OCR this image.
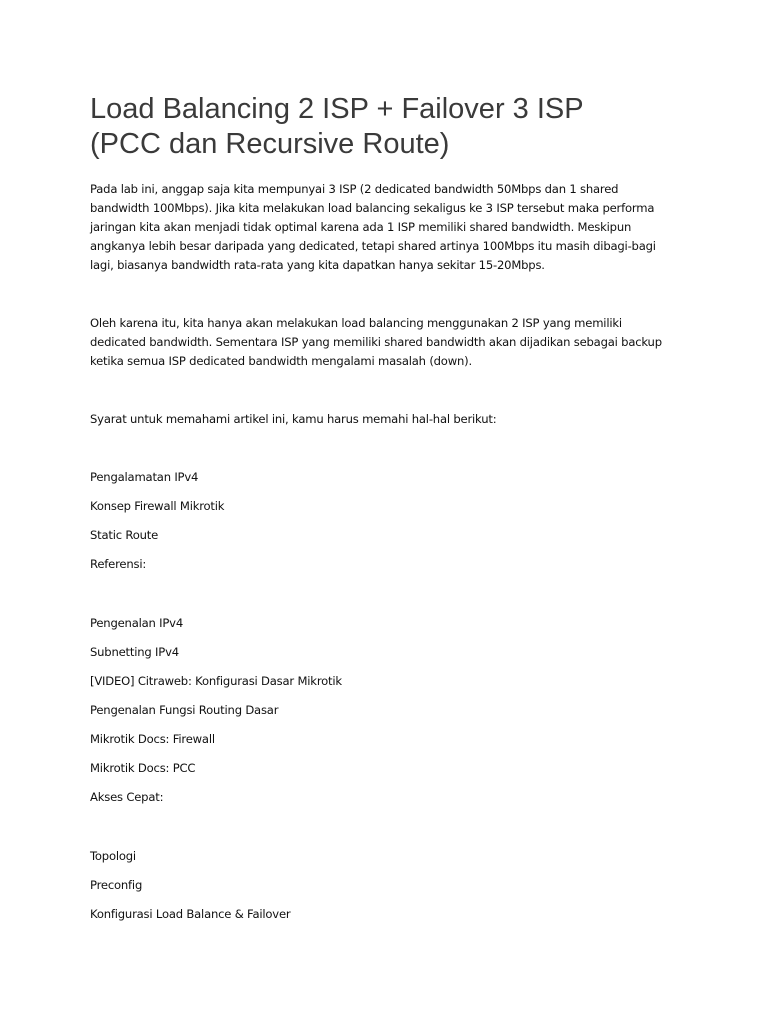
Load Balancing 2 ISP + Failover 3 ISP
(PCC dan Recursive Route)

Pada lab ini, anggap saja kita mempunyai 3 ISP (2 dedicated bandwidth 50Mbps dan 1 shared bandwidth 100Mbps). Jika kita melakukan load balancing sekaligus ke 3 ISP tersebut maka performa jaringan kita akan menjadi tidak optimal karena ada 1 ISP memiliki shared bandwidth. Meskipun angkanya lebih besar daripada yang dedicated, tetapi shared artinya 100Mbps itu masih dibagi-bagi lagi, biasanya bandwidth rata-rata yang kita dapatkan hanya sekitar 15-20Mbps.

Oleh karena itu, kita hanya akan melakukan load balancing menggunakan 2 ISP yang memiliki dedicated bandwidth. Sementara ISP yang memiliki shared bandwidth akan dijadikan sebagai backup ketika semua ISP dedicated bandwidth mengalami masalah (down).

Syarat untuk memahami artikel ini, kamu harus memahi hal-hal berikut:

Pengalamatan IPv4

Konsep Firewall Mikrotik

Static Route

Referensi:

Pengenalan IPv4

Subnetting IPv4

[VIDEO] Citraweb: Konfigurasi Dasar Mikrotik

Pengenalan Fungsi Routing Dasar

Mikrotik Docs: Firewall

Mikrotik Docs: PCC

Akses Cepat:

Topologi

Preconfig

Konfigurasi Load Balance & Failover
